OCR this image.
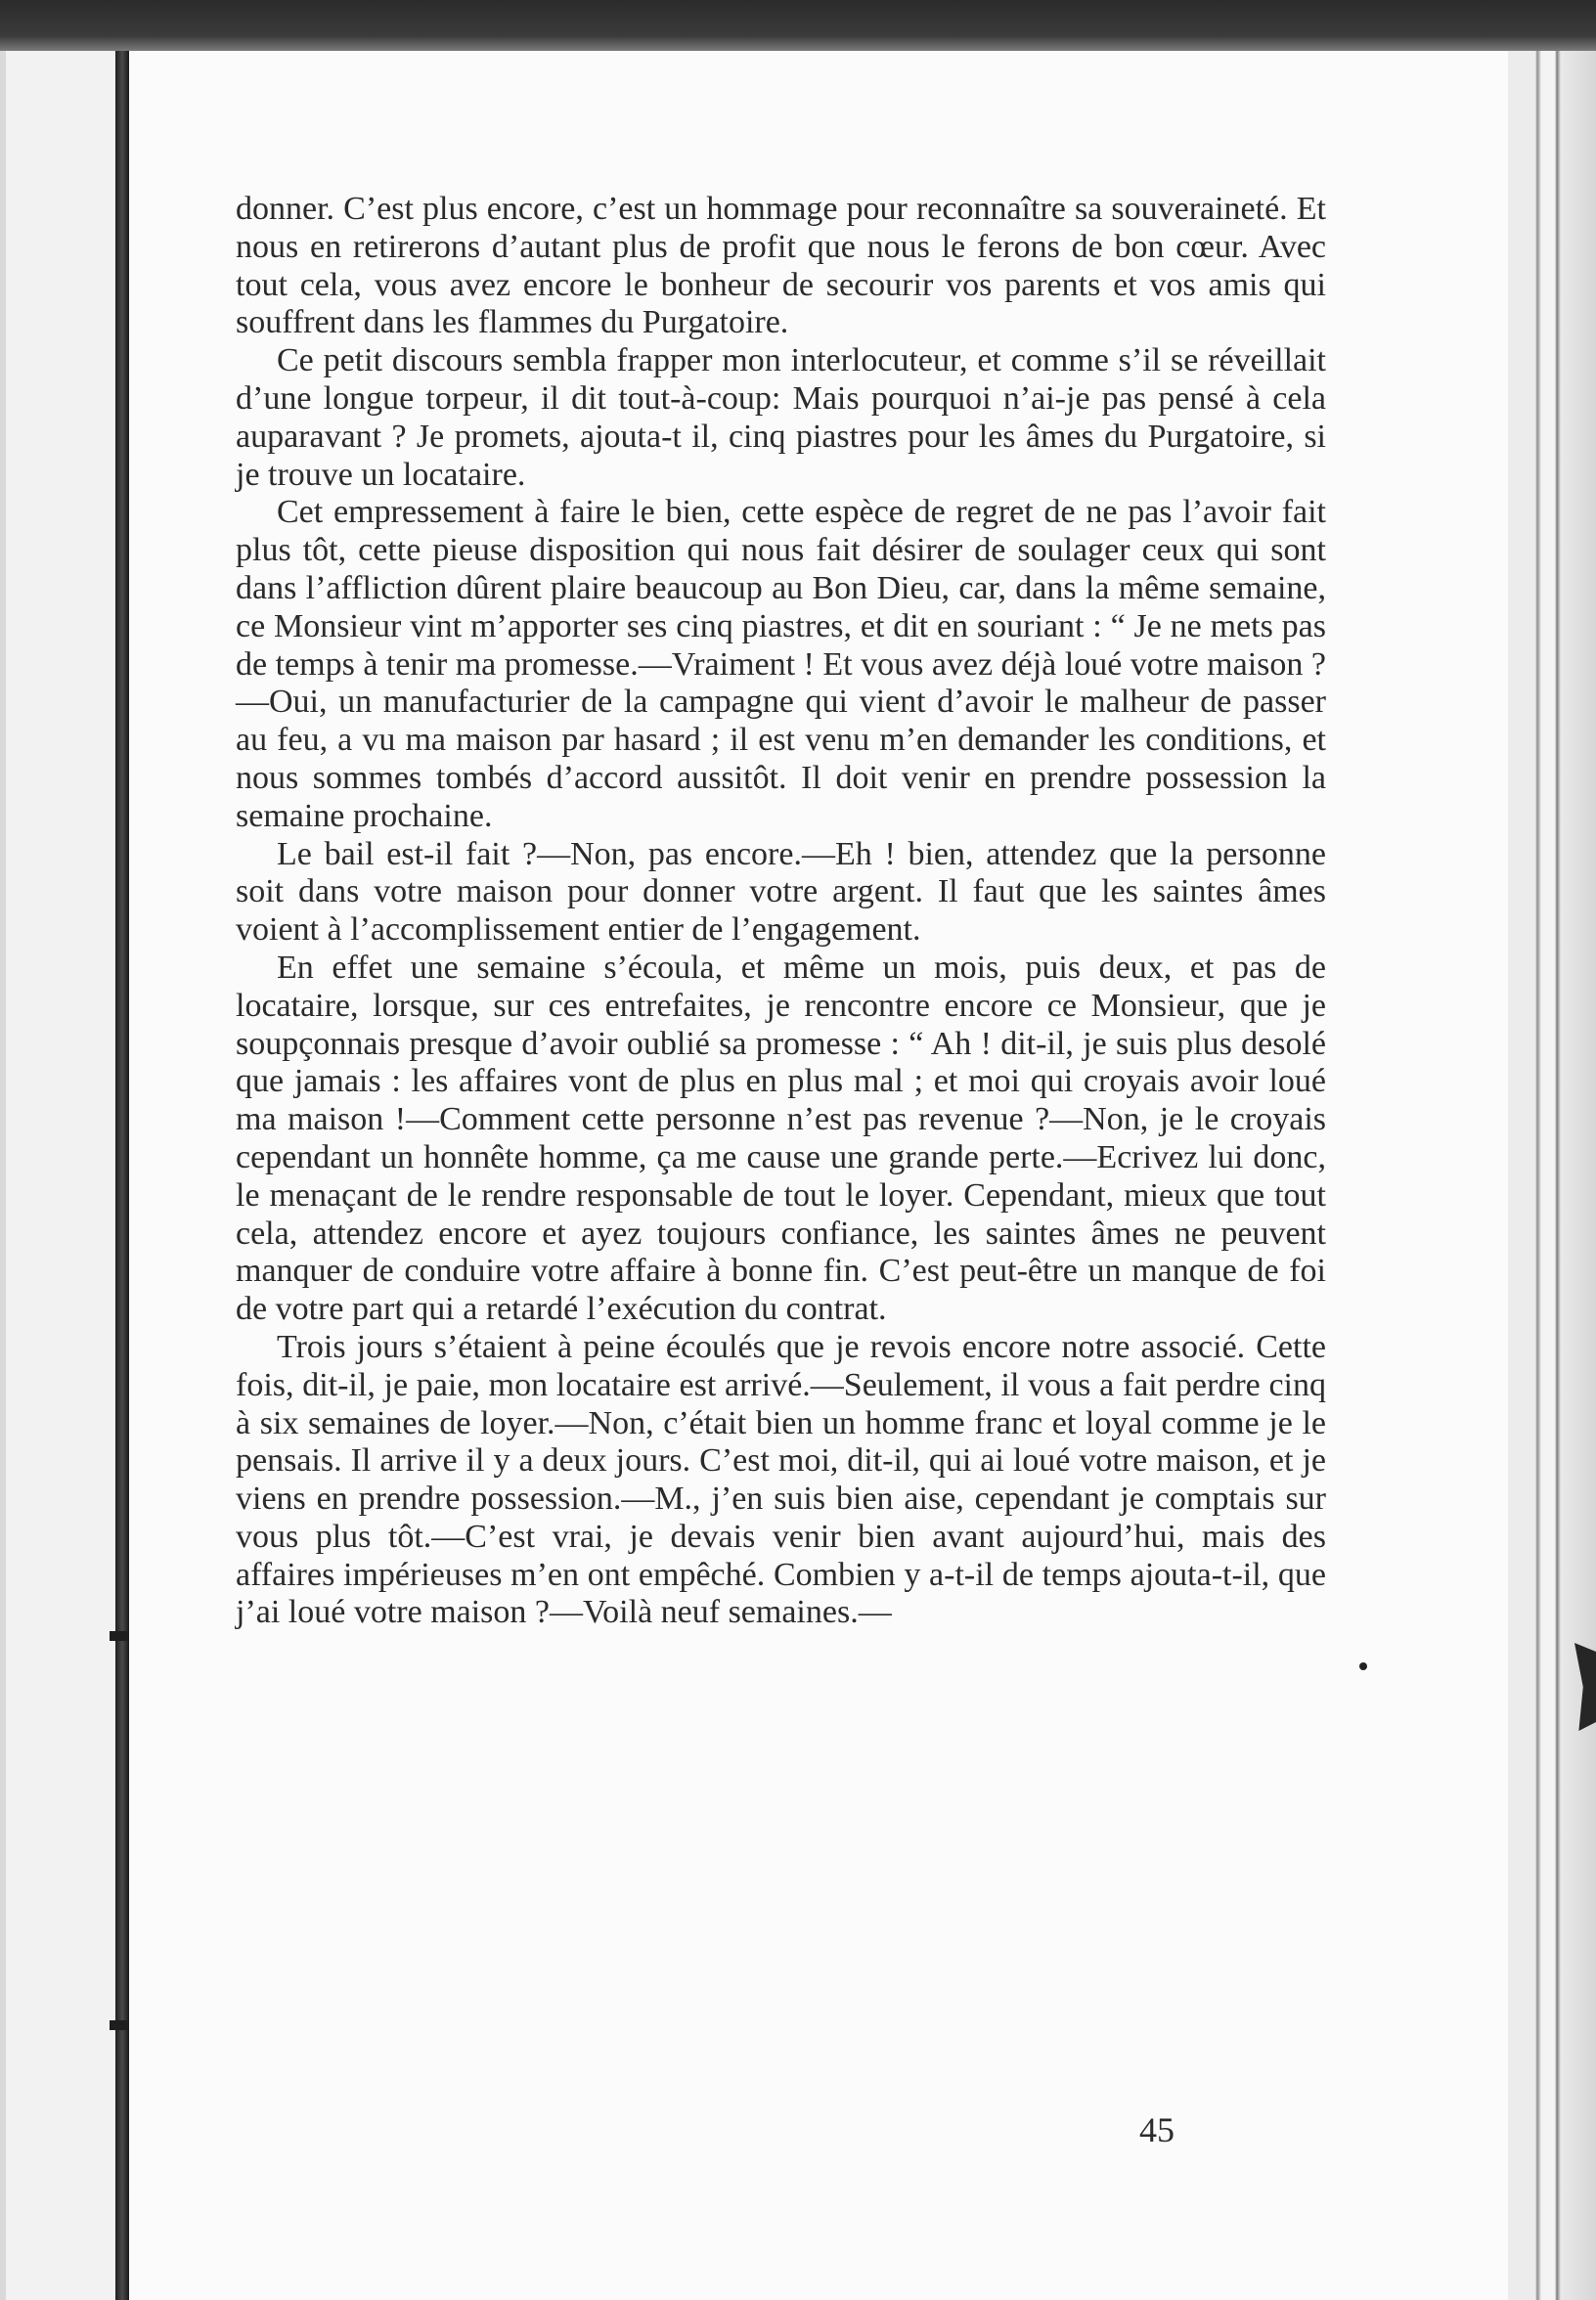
donner. C’est plus encore, c’est un hommage pour reconnaître sa souveraineté. Et nous en retirerons d’autant plus de profit que nous le ferons de bon cœur. Avec tout cela, vous avez encore le bonheur de secourir vos parents et vos amis qui souffrent dans les flammes du Purgatoire.

Ce petit discours sembla frapper mon interlocuteur, et comme s’il se réveillait d’une longue torpeur, il dit tout-à-coup: Mais pourquoi n’ai-je pas pensé à cela auparavant ? Je promets, ajouta-t il, cinq piastres pour les âmes du Purgatoire, si je trouve un locataire.

Cet empressement à faire le bien, cette espèce de regret de ne pas l’avoir fait plus tôt, cette pieuse disposition qui nous fait désirer de soulager ceux qui sont dans l’affliction dûrent plaire beaucoup au Bon Dieu, car, dans la même semaine, ce Monsieur vint m’apporter ses cinq piastres, et dit en souriant : “ Je ne mets pas de temps à tenir ma promesse.—Vraiment ! Et vous avez déjà loué votre maison ?—Oui, un manufacturier de la campagne qui vient d’avoir le malheur de passer au feu, a vu ma maison par hasard ; il est venu m’en demander les conditions, et nous sommes tombés d’accord aussitôt. Il doit venir en prendre possession la semaine prochaine.

Le bail est-il fait ?—Non, pas encore.—Eh ! bien, attendez que la personne soit dans votre maison pour donner votre argent. Il faut que les saintes âmes voient à l’accomplissement entier de l’engagement.

En effet une semaine s’écoula, et même un mois, puis deux, et pas de locataire, lorsque, sur ces entrefaites, je rencontre encore ce Monsieur, que je soupçonnais presque d’avoir oublié sa promesse : “ Ah ! dit-il, je suis plus desolé que jamais : les affaires vont de plus en plus mal ; et moi qui croyais avoir loué ma maison !—Comment cette personne n’est pas revenue ?—Non, je le croyais cependant un honnête homme, ça me cause une grande perte.—Ecrivez lui donc, le menaçant de le rendre responsable de tout le loyer. Cependant, mieux que tout cela, attendez encore et ayez toujours confiance, les saintes âmes ne peuvent manquer de conduire votre affaire à bonne fin. C’est peut-être un manque de foi de votre part qui a retardé l’exécution du contrat.

Trois jours s’étaient à peine écoulés que je revois encore notre associé. Cette fois, dit-il, je paie, mon locataire est arrivé.—Seulement, il vous a fait perdre cinq à six semaines de loyer.—Non, c’était bien un homme franc et loyal comme je le pensais. Il arrive il y a deux jours. C’est moi, dit-il, qui ai loué votre maison, et je viens en prendre possession.—M., j’en suis bien aise, cependant je comptais sur vous plus tôt.—C’est vrai, je devais venir bien avant aujourd’hui, mais des affaires impérieuses m’en ont empêché. Combien y a-t-il de temps ajouta-t-il, que j’ai loué votre maison ?—Voilà neuf semaines.—

45
